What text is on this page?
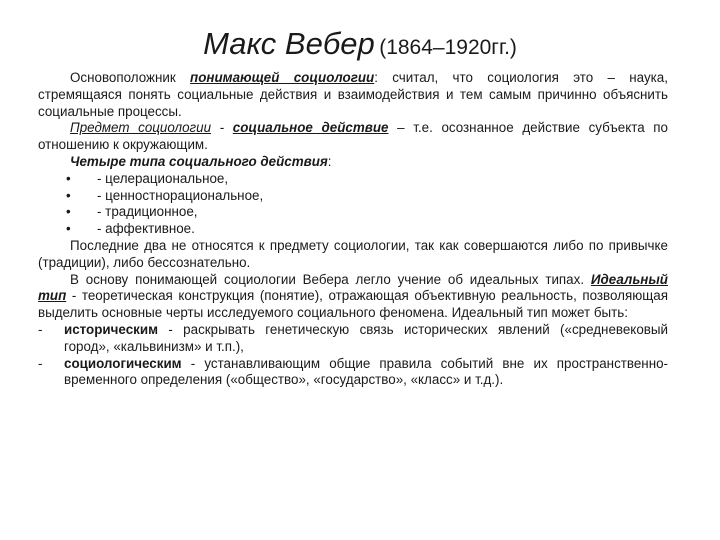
Макс Вебер (1864–1920гг.)

Основоположник понимающей социологии: считал, что социология это – наука, стремящаяся понять социальные действия и взаимодействия и тем самым причинно объяснить социальные процессы.

Предмет социологии - социальное действие – т.е. осознанное действие субъекта по отношению к окружающим.

Четыре типа социального действия:

• - целерациональное,

• - ценностнорациональное,

• - традиционное,

• - аффективное.

Последние два не относятся к предмету социологии, так как совершаются либо по привычке (традиции), либо бессознательно.

В основу понимающей социологии Вебера легло учение об идеальных типах. Идеальный тип - теоретическая конструкция (понятие), отражающая объективную реальность, позволяющая выделить основные черты исследуемого социального феномена. Идеальный тип может быть:

- историческим - раскрывать генетическую связь исторических явлений («средневековый город», «кальвинизм» и т.п.),

- социологическим - устанавливающим общие правила событий вне их пространственно-временного определения («общество», «государство», «класс» и т.д.).
